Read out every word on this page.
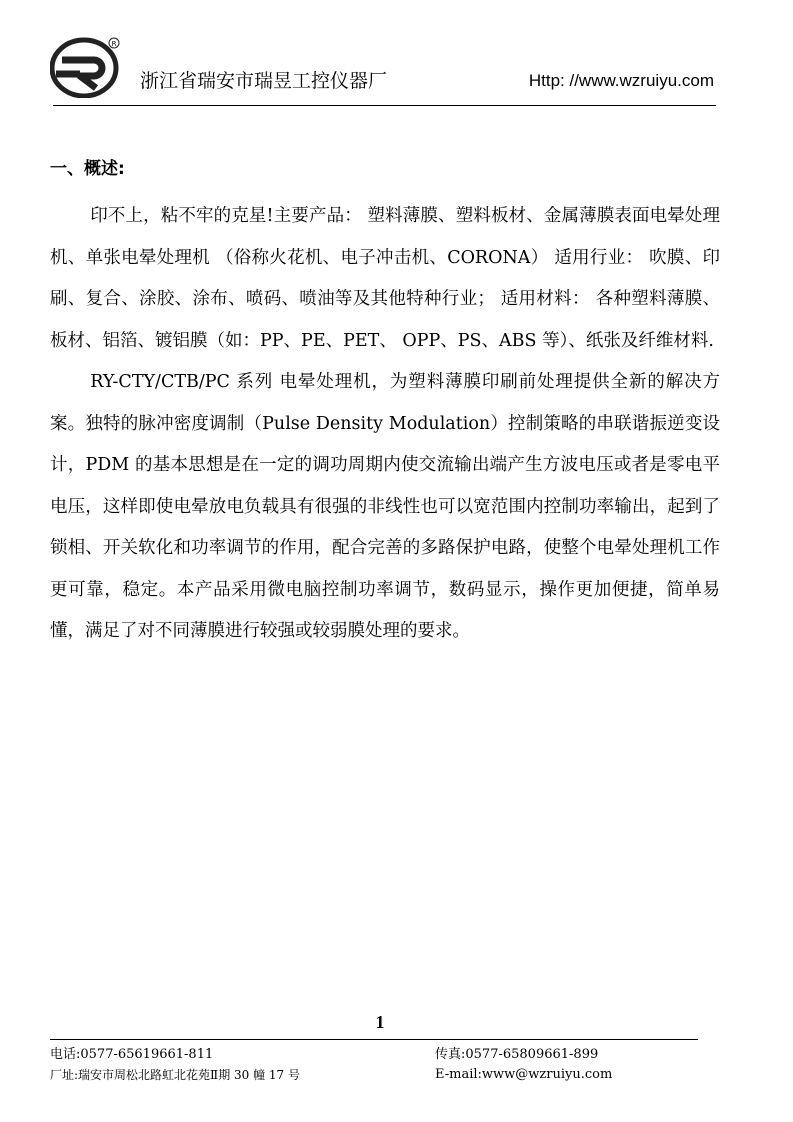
R
浙江省瑞安市瑞昱工控仪器厂	Http: //www.wzruiyu.com
一、概述:

印不上，粘不牢的克星!主要产品： 塑料薄膜、塑料板材、金属薄膜表面电晕处理机、单张电晕处理机 （俗称火花机、电子冲击机、CORONA） 适用行业： 吹膜、印刷、复合、涂胶、涂布、喷码、喷油等及其他特种行业； 适用材料： 各种塑料薄膜、板材、铝箔、镀铝膜（如：PP、PE、PET、 OPP、PS、ABS 等）、纸张及纤维材料.

RY-CTY/CTB/PC 系列 电晕处理机，为塑料薄膜印刷前处理提供全新的解决方案。独特的脉冲密度调制（Pulse Density Modulation）控制策略的串联谐振逆变设计，PDM 的基本思想是在一定的调功周期内使交流输出端产生方波电压或者是零电平电压，这样即使电晕放电负载具有很强的非线性也可以宽范围内控制功率输出，起到了锁相、开关软化和功率调节的作用，配合完善的多路保护电路，使整个电晕处理机工作更可靠，稳定。本产品采用微电脑控制功率调节，数码显示，操作更加便捷，简单易懂，满足了对不同薄膜进行较强或较弱膜处理的要求。

1
电话:0577-65619661-811
厂址:瑞安市周松北路虹北花苑Ⅱ期 30 幢 17 号
传真:0577-65809661-899
E-mail:www@wzruiyu.com
